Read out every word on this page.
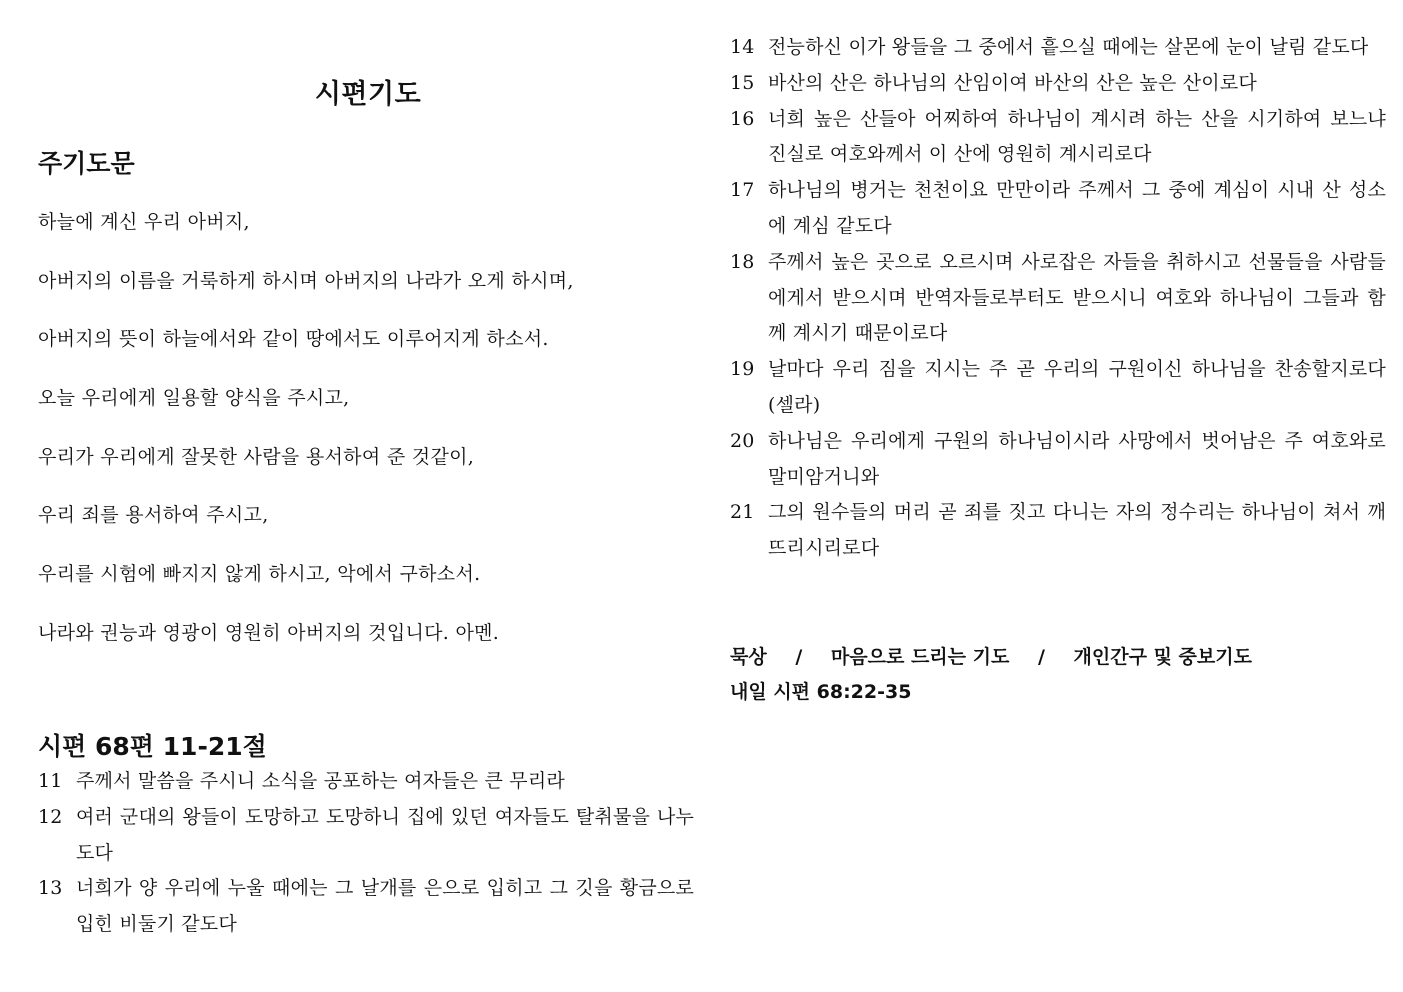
시편기도
주기도문
하늘에 계신 우리 아버지,
아버지의 이름을 거룩하게 하시며 아버지의 나라가 오게 하시며,
아버지의 뜻이 하늘에서와 같이 땅에서도 이루어지게 하소서.
오늘 우리에게 일용할 양식을 주시고,
우리가 우리에게 잘못한 사람을 용서하여 준 것같이,
우리 죄를 용서하여 주시고,
우리를 시험에 빠지지 않게 하시고, 악에서 구하소서.
나라와 권능과 영광이 영원히 아버지의 것입니다. 아멘.
시편 68편 11-21절
11 주께서 말씀을 주시니 소식을 공포하는 여자들은 큰 무리라
12 여러 군대의 왕들이 도망하고 도망하니 집에 있던 여자들도 탈취물을 나누도다
13 너희가 양 우리에 누울 때에는 그 날개를 은으로 입히고 그 깃을 황금으로 입힌 비둘기 같도다
14 전능하신 이가 왕들을 그 중에서 흩으실 때에는 살몬에 눈이 날림 같도다
15 바산의 산은 하나님의 산임이여 바산의 산은 높은 산이로다
16 너희 높은 산들아 어찌하여 하나님이 계시려 하는 산을 시기하여 보느냐 진실로 여호와께서 이 산에 영원히 계시리로다
17 하나님의 병거는 천천이요 만만이라 주께서 그 중에 계심이 시내 산 성소에 계심 같도다
18 주께서 높은 곳으로 오르시며 사로잡은 자들을 취하시고 선물들을 사람들에게서 받으시며 반역자들로부터도 받으시니 여호와 하나님이 그들과 함께 계시기 때문이로다
19 날마다 우리 짐을 지시는 주 곧 우리의 구원이신 하나님을 찬송할지로다 (셀라)
20 하나님은 우리에게 구원의 하나님이시라 사망에서 벗어남은 주 여호와로 말미암거니와
21 그의 원수들의 머리 곧 죄를 짓고 다니는 자의 정수리는 하나님이 쳐서 깨뜨리시리로다
묵상 / 마음으로 드리는 기도 / 개인간구 및 중보기도
내일 시편 68:22-35
